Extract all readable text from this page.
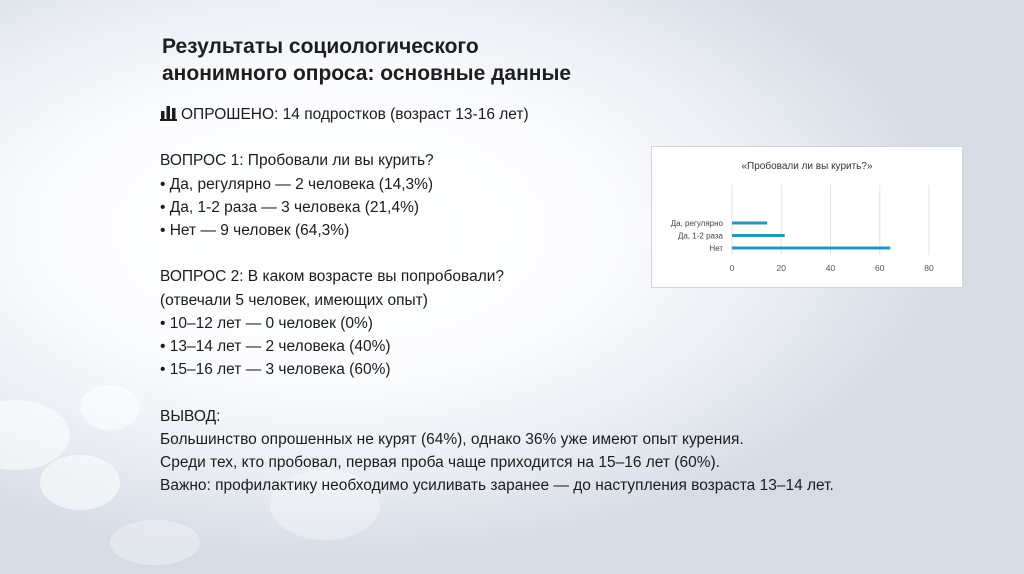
Результаты социологического
анонимного опроса: основные данные
ОПРОШЕНО: 14 подростков (возраст 13-16 лет)
ВОПРОС 1: Пробовали ли вы курить?
• Да, регулярно — 2 человека (14,3%)
• Да, 1-2 раза — 3 человека (21,4%)
• Нет — 9 человек (64,3%)
ВОПРОС 2: В каком возрасте вы попробовали?
(отвечали 5 человек, имеющих опыт)
• 10–12 лет — 0 человек (0%)
• 13–14 лет — 2 человека (40%)
• 15–16 лет — 3 человека (60%)
ВЫВОД:
Большинство опрошенных не курят (64%), однако 36% уже имеют опыт курения.
Среди тех, кто пробовал, первая проба чаще приходится на 15–16 лет (60%).
Важно: профилактику необходимо усиливать заранее — до наступления возраста 13–14 лет.
«Пробовали ли вы курить?»
Да, регулярно
Да, 1-2 раза
Нет
0	20	40	60	80
